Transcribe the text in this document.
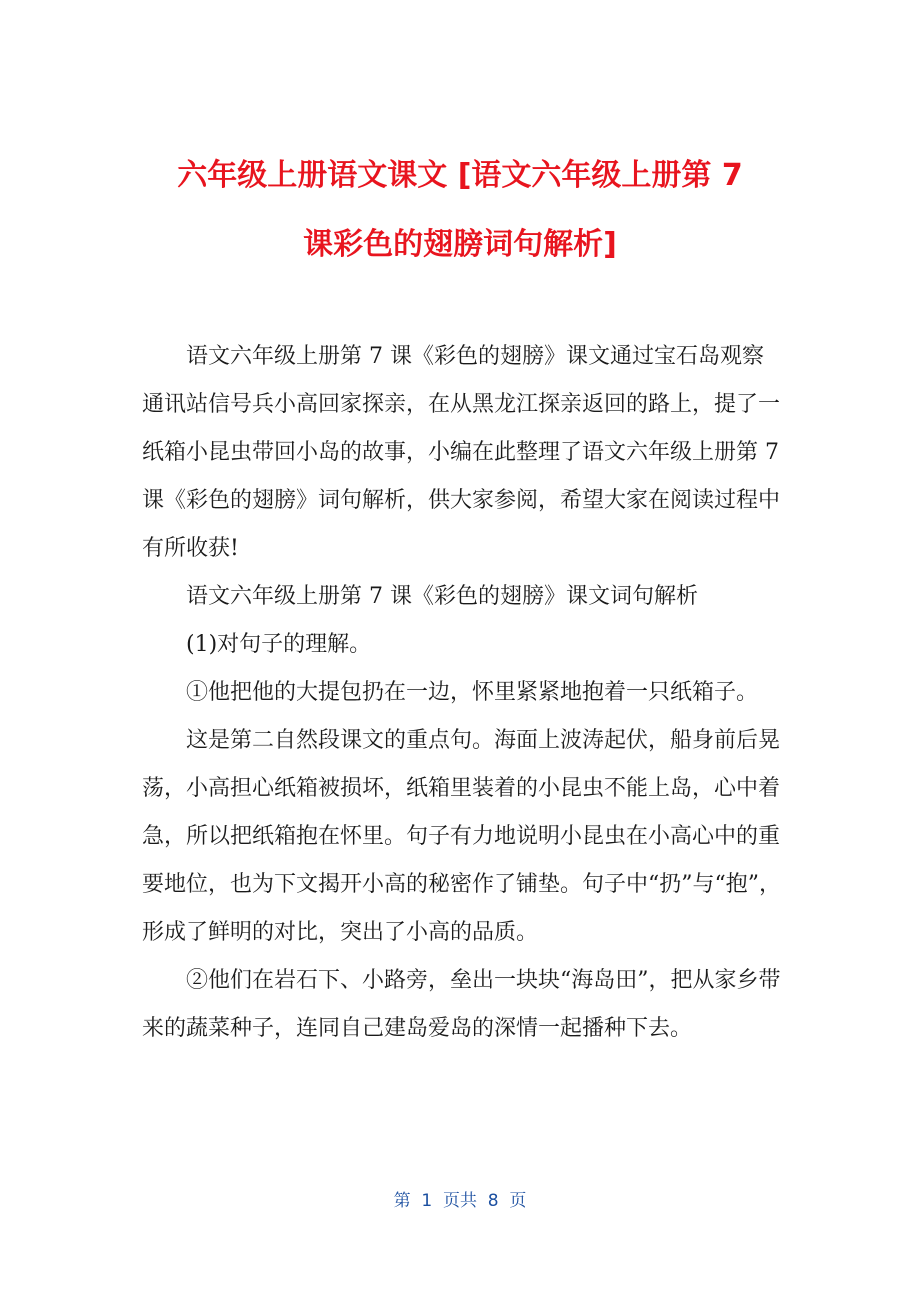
六年级上册语文课文 [语文六年级上册第 7
课彩色的翅膀词句解析]

语文六年级上册第 7 课《彩色的翅膀》课文通过宝石岛观察通讯站信号兵小高回家探亲，在从黑龙江探亲返回的路上，提了一纸箱小昆虫带回小岛的故事，小编在此整理了语文六年级上册第 7 课《彩色的翅膀》词句解析，供大家参阅，希望大家在阅读过程中有所收获!

语文六年级上册第 7 课《彩色的翅膀》课文词句解析

(1)对句子的理解。

①他把他的大提包扔在一边，怀里紧紧地抱着一只纸箱子。

这是第二自然段课文的重点句。海面上波涛起伏，船身前后晃荡，小高担心纸箱被损坏，纸箱里装着的小昆虫不能上岛，心中着急，所以把纸箱抱在怀里。句子有力地说明小昆虫在小高心中的重要地位，也为下文揭开小高的秘密作了铺垫。句子中“扔”与“抱”，形成了鲜明的对比，突出了小高的品质。

②他们在岩石下、小路旁，垒出一块块“海岛田”，把从家乡带来的蔬菜种子，连同自己建岛爱岛的深情一起播种下去。

第  1  页共  8  页
